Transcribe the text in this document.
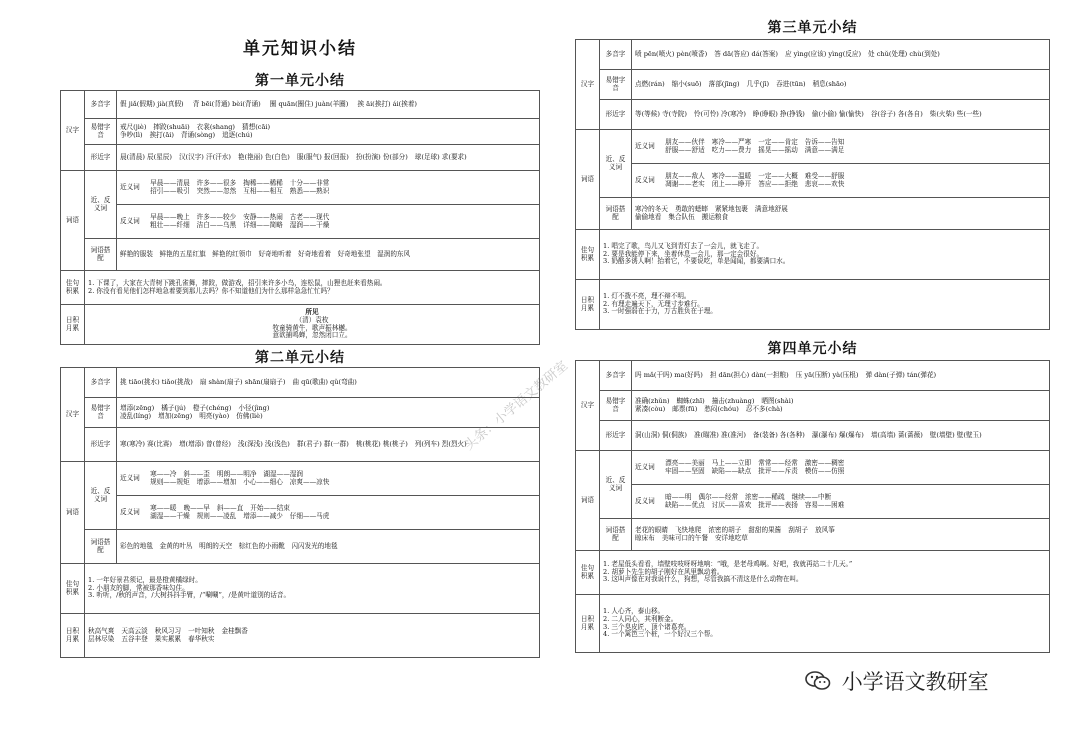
头条：小学语文教研室
单元知识小结
第一单元小结
汉字	多音字	假 jiǎ(假期) jià(真假) 背 bēi(背通) bèi(背诵) 圈 quān(圈住) juàn(羊圈) 挨 āi(挨打) ái(挨着)
	易错字音	戒尺(jiè) 摔跤(shuāi) 衣裳(shang) 猜想(cāi)
争吵(lì) 挨打(āi) 背诵(sòng) 追逐(chú)

	形近字	晨(清晨) 辰(星辰) 汉(汉字) 汗(汗水) 艳(艳丽) 色(白色) 服(服气) 报(回报) 扮(扮演) 份(部分) 球(足球) 求(要求)
词语	近、反义词	近义词 早晨——清晨 许多——很多 掏稀——稀稀 十分——非常
招引——吸引 突然——忽然 互相——相互 熟悉——熟识

		反义词 早晨——晚上 许多——较少 安静——热闹 古老——现代
粗壮——纤细 洁白——乌黑 详细——简略 湿润——干燥

	词语搭配	鲜艳的服装　鲜艳的五星红旗　鲜艳的红领巾　好奇地听着　好奇地看着　好奇地张望　湿润的东风
佳句积累	1. 下课了，大家在大青树下跳孔雀舞，摔跤，做游戏，招引来许多小鸟，连松鼠，山狸也赶来看热闹。
2. 你没有看见他们怎样地急着要到那儿去吗？你不知道他们为什么那样急急忙忙吗？	

日积月累	所见
（清）袁枚
牧童骑黄牛，歌声振林樾。
意欲捕鸣蝉，忽然闭口立。	
第二单元小结
汉字	多音字	挑 tiāo(挑水) tiǎo(挑战) 扇 shàn(扇子) shān(扇扇子) 曲 qū(歌曲) qǔ(弯曲)
	易错字音	增添(zēng) 橘子(jú) 橙子(chéng) 小径(jìng)
凌乱(líng) 增加(zēng) 明亮(yào) 仿佛(liè)

	形近字	寒(寒冷) 赛(比赛) 增(增添) 曾(曾经) 浅(深浅) 浅(浅色) 群(君子) 群(一群) 桃(桃花) 桃(桃子) 列(列车) 烈(烈火)
词语	近、反义词	近义词 寒——冷 斜——歪 明朗——明净 湖湿——湿润
规则——规矩 增添——增加 小心——细心 凉爽——凉快

		反义词 寒——暖 晚——早 斜——直 开始——结束
湖湿——干燥 规则——凌乱 增添——减少 仔细——马虎

	词语搭配	彩色的地毯　金黄的叶丛　明朗的天空　棕红色的小雨靴　闪闪发光的地毯
佳句积累	1. 一年好景君须记，最是橙黄橘绿时。
2. 小朋友的脚，常被那香味勾住。
3. 听听，/秋的声音，/大树抖抖手臂，/“唰唰”，/是黄叶道别的话音。	

日积月累	秋高气爽 天高云淡 秋风习习 一叶知秋 金桂飘香
层林尽染 五谷丰登 果实累累 春华秋实	
第三单元小结
汉字	多音字	喷 pēn(喷火) pèn(喷香) 答 dā(答应) dá(答案) 应 yìng(应该) yìng(反应) 处 chǔ(处理) chù(到处)
	易错字音	点燃(rán) 缩小(suō) 落部(jīng) 几乎(jī) 吞进(tūn) 稍息(shāo)
	形近字	等(等候) 寺(寺院) 怜(可怜) 冷(寒冷) 睁(睁眼) 挣(挣钱) 偷(小偷) 愉(愉快) 谷(谷子) 各(各自) 柴(火柴) 些(一些)
词语	近、反义词	近义词 朋友——伙伴 寒冷——严寒 一定——肯定 告诉——告知
舒服——舒适 吃力——费力 摇晃——摇动 满意——满足

		反义词 朋友——敌人 寒冷——温暖 一定——大概 难受——舒服
凋谢——老实 闭上——睁开 答应——拒绝 悲哀——欢快

	词语搭配	寒冷的冬天 勇敢的蟋蟀 紧紧地包裹 满意地舒展
偷偷地看 集合队伍 搬运粮食

佳句积累	1. 唱完了歌，鸟儿又飞到青灯去了一会儿，就飞走了。
2. 要是我能停下来，坐着休息一会儿，那一定会很好。
3. 奶酪多诱人啊！抬着它，不要说吃，单是闻闻，都要满口水。	

日积月累	1. 灯不拨不亮，理不辩不明。
2. 有理走遍天下，无理寸步难行。
3. 一时强弱在于力，万古胜负在于理。	
第四单元小结
汉字	多音字	吗 mǎ(干吗) ma(好吗) 担 dān(担心) dàn(一担粮) 压 yā(压断) yà(压根) 弹 dàn(子弹) tán(弹花)
	易错字音	准确(zhǔn) 蜘蛛(zhī) 撞击(zhuàng) 晒图(shài)
紧凑(còu) 邮票(fū) 愁闷(chóu) 忍不多(chà)

	形近字	洞(山洞) 侗(侗族) 准(瞄准) 准(准河) 备(装备) 各(各种) 瀑(瀑布) 爆(爆布) 墙(高墙) 蔷(蔷薇) 壁(墙壁) 壁(壁玉)
词语	近、反义词	近义词 漂亮——美丽 马上——立即 常常——经常 激密——稠密
牢固——坚固 缺陷——缺点 批评——斥责 模仿——仿照

		反义词 暗——明 偶尔——经常 浓密——稀疏 继续——中断
缺陷——优点 讨厌——喜欢 批评——表扬 容易——困难

	词语搭配	老花的眼睛 飞快地爬 浓密的胡子 甜甜的果酱 刮胡子 放风筝
晾床布 美味可口的午餐 安详地吃草

佳句积累	1. 老屋低头看看，墙壁吱吱呀呀地响：“哦，是老母鸡啊。好吧，我就再站二十几天。”
2. 胡萝卜先生的胡子刚好在风里飘动着。
3. 这叫声像在对我说什么，狗想，尽管我搞不清这是什么动物在叫。	

日积月累	1. 人心齐，泰山移。
2. 二人同心，其利断金。
3. 三个臭皮匠，顶个诸葛亮。
4. 一个篱笆三个桩，一个好汉三个帮。	
小学语文教研室
